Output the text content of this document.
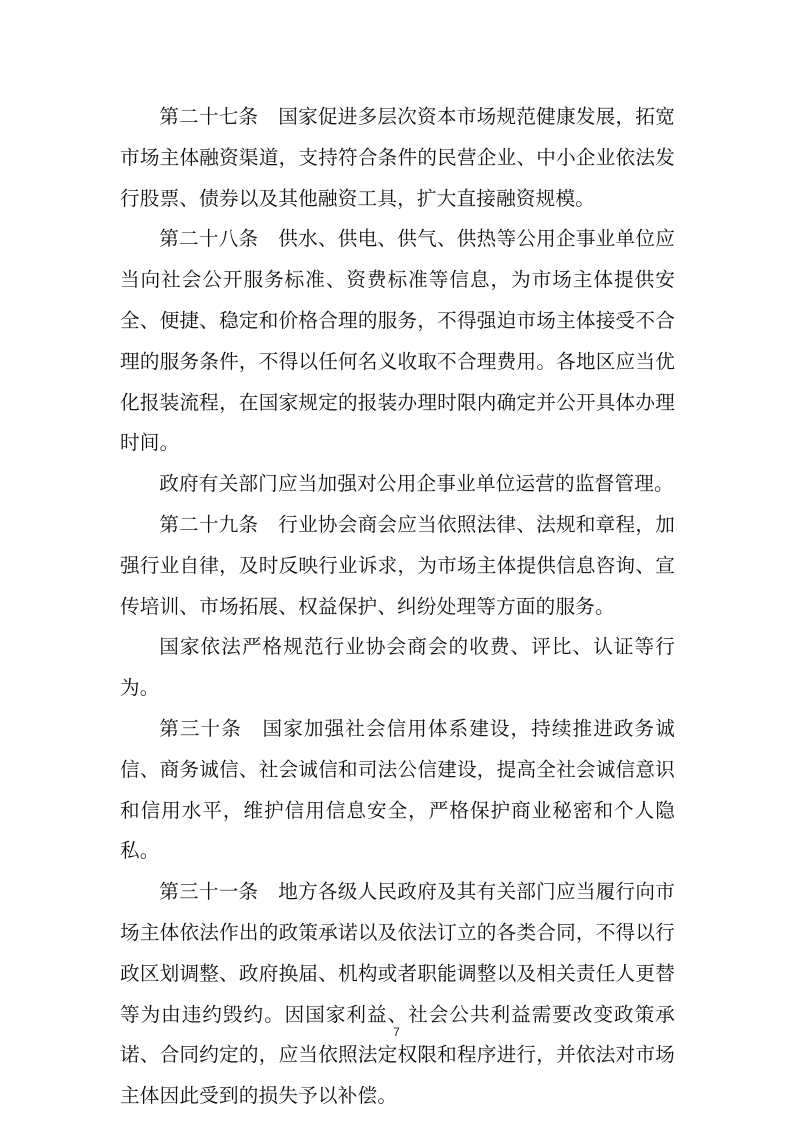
第二十七条　国家促进多层次资本市场规范健康发展，拓宽市场主体融资渠道，支持符合条件的民营企业、中小企业依法发行股票、债券以及其他融资工具，扩大直接融资规模。

第二十八条　供水、供电、供气、供热等公用企事业单位应当向社会公开服务标准、资费标准等信息，为市场主体提供安全、便捷、稳定和价格合理的服务，不得强迫市场主体接受不合理的服务条件，不得以任何名义收取不合理费用。各地区应当优化报装流程，在国家规定的报装办理时限内确定并公开具体办理时间。

政府有关部门应当加强对公用企事业单位运营的监督管理。

第二十九条　行业协会商会应当依照法律、法规和章程，加强行业自律，及时反映行业诉求，为市场主体提供信息咨询、宣传培训、市场拓展、权益保护、纠纷处理等方面的服务。

国家依法严格规范行业协会商会的收费、评比、认证等行为。

第三十条　国家加强社会信用体系建设，持续推进政务诚信、商务诚信、社会诚信和司法公信建设，提高全社会诚信意识和信用水平，维护信用信息安全，严格保护商业秘密和个人隐私。

第三十一条　地方各级人民政府及其有关部门应当履行向市场主体依法作出的政策承诺以及依法订立的各类合同，不得以行政区划调整、政府换届、机构或者职能调整以及相关责任人更替等为由违约毁约。因国家利益、社会公共利益需要改变政策承诺、合同约定的，应当依照法定权限和程序进行，并依法对市场主体因此受到的损失予以补偿。

7
